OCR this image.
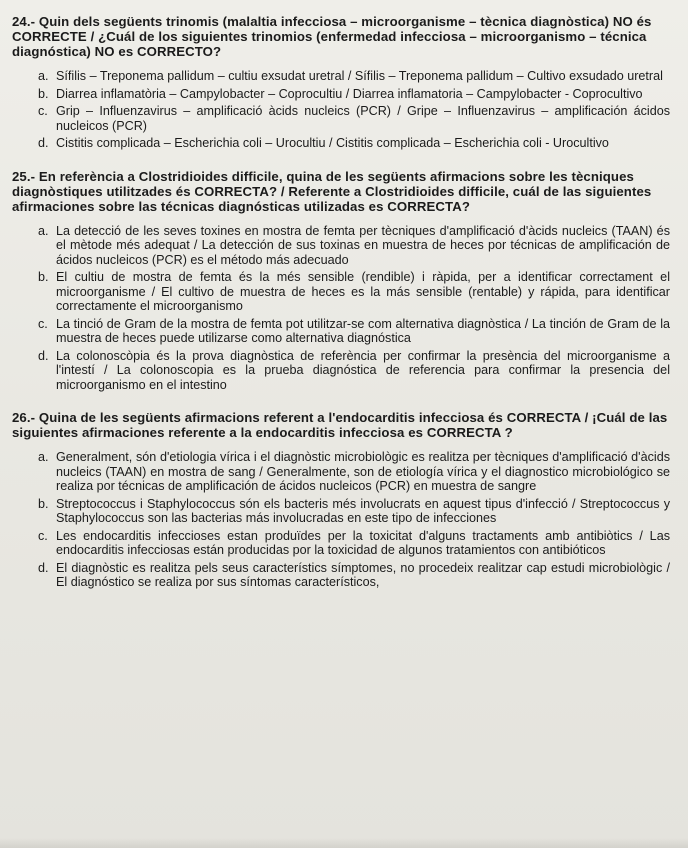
24.- Quin dels següents trinomis (malaltia infecciosa – microorganisme – tècnica diagnòstica) NO és CORRECTE / ¿Cuál de los siguientes trinomios (enfermedad infecciosa – microorganismo – técnica diagnóstica) NO es CORRECTO?

a. Sífilis – Treponema pallidum – cultiu exsudat uretral / Sífilis – Treponema pallidum – Cultivo exsudado uretral
b. Diarrea inflamatòria – Campylobacter – Coprocultiu / Diarrea inflamatoria – Campylobacter - Coprocultivo
c. Grip – Influenzavirus – amplificació àcids nucleics (PCR) / Gripe – Influenzavirus – amplificación ácidos nucleicos (PCR)
d. Cistitis complicada – Escherichia coli – Urocultiu / Cistitis complicada – Escherichia coli - Urocultivo

25.- En referència a Clostridioides difficile, quina de les següents afirmacions sobre les tècniques diagnòstiques utilitzades és CORRECTA? / Referente a Clostridioides difficile, cuál de las siguientes afirmaciones sobre las técnicas diagnósticas utilizadas es CORRECTA?

a. La detecció de les seves toxines en mostra de femta per tècniques d'amplificació d'àcids nucleics (TAAN) és el mètode més adequat / La detección de sus toxinas en muestra de heces por técnicas de amplificación de ácidos nucleicos (PCR) es el método más adecuado
b. El cultiu de mostra de femta és la més sensible (rendible) i ràpida, per a identificar correctament el microorganisme / El cultivo de muestra de heces es la más sensible (rentable) y rápida, para identificar correctamente el microorganismo
c. La tinció de Gram de la mostra de femta pot utilitzar-se com alternativa diagnòstica / La tinción de Gram de la muestra de heces puede utilizarse como alternativa diagnóstica
d. La colonoscòpia és la prova diagnòstica de referència per confirmar la presència del microorganisme a l'intestí / La colonoscopia es la prueba diagnóstica de referencia para confirmar la presencia del microorganismo en el intestino

26.- Quina de les següents afirmacions referent a l'endocarditis infecciosa és CORRECTA / ¡Cuál de las siguientes afirmaciones referente a la endocarditis infecciosa es CORRECTA ?

a. Generalment, són d'etiologia vírica i el diagnòstic microbiològic es realitza per tècniques d'amplificació d'àcids nucleics (TAAN) en mostra de sang / Generalmente, son de etiología vírica y el diagnostico microbiológico se realiza por técnicas de amplificación de ácidos nucleicos (PCR) en muestra de sangre
b. Streptococcus i Staphylococcus són els bacteris més involucrats en aquest tipus d'infecció / Streptococcus y Staphylococcus son las bacterias más involucradas en este tipo de infecciones
c. Les endocarditis infeccioses estan produïdes per la toxicitat d'alguns tractaments amb antibiòtics / Las endocarditis infecciosas están producidas por la toxicidad de algunos tratamientos con antibióticos
d. El diagnòstic es realitza pels seus característics símptomes, no procedeix realitzar cap estudi microbiològic / El diagnóstico se realiza por sus síntomas característicos,
